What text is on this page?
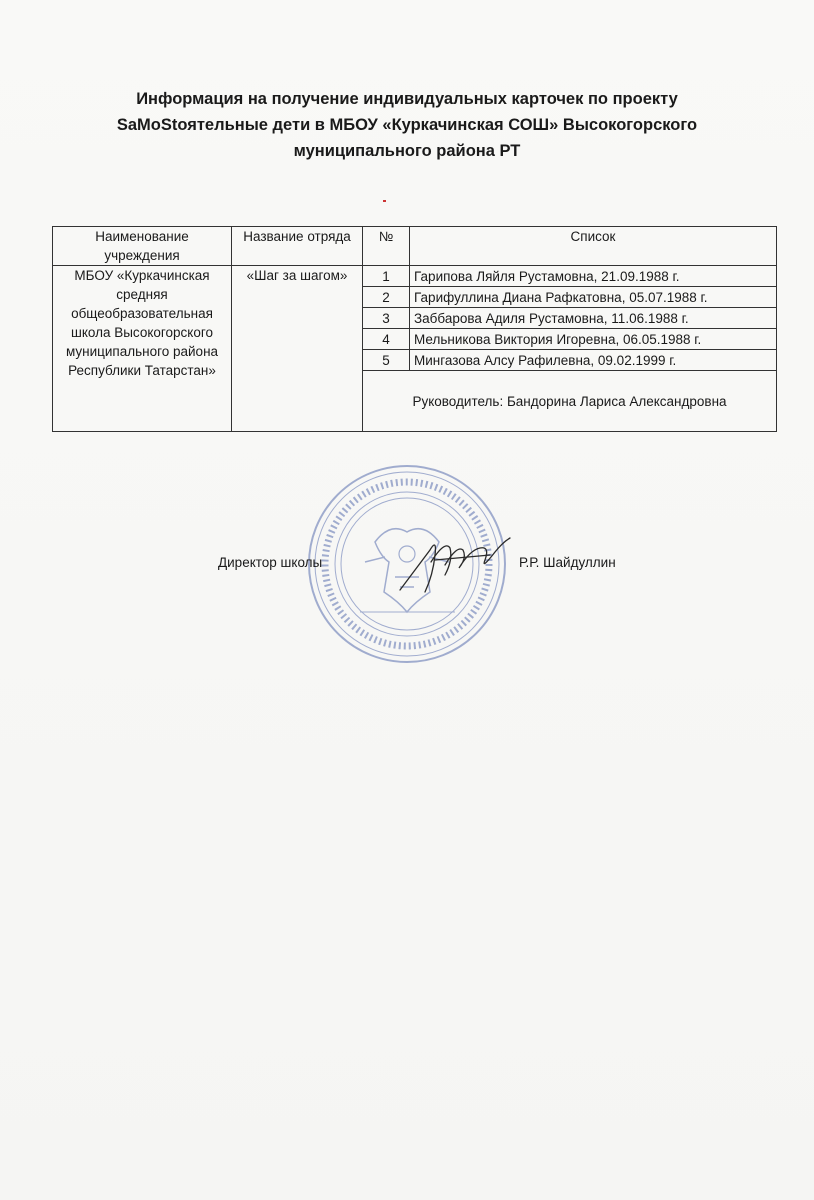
Информация на получение индивидуальных карточек по проекту
SaMoStоятельные дети в МБОУ «Куркачинская СОШ» Высокогорского
муниципального района РТ
Наименование учреждения	Название отряда	№	Список
МБОУ «Куркачинская средняя общеобразовательная школа Высокогорского муниципального района Республики Татарстан»	«Шаг за шагом»	1	Гарипова Ляйля Рустамовна, 21.09.1988 г.
		2	Гарифуллина Диана Рафкатовна, 05.07.1988 г.
		3	Заббарова Адиля Рустамовна, 11.06.1988 г.
		4	Мельникова Виктория Игоревна, 06.05.1988 г.
		5	Мингазова Алсу Рафилевна, 09.02.1999 г.
		Руководитель: Бандорина Лариса Александровна	
Директор школы	Р.Р. Шайдуллин
